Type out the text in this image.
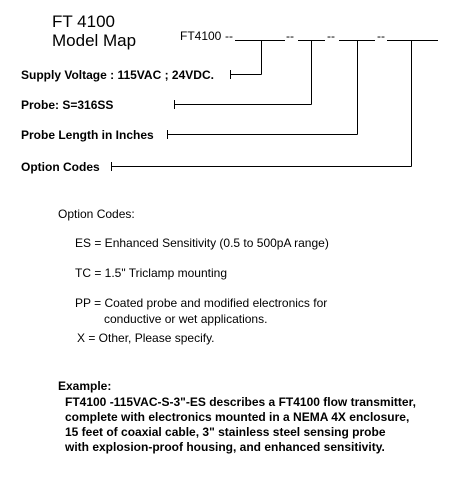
FT 4100
Model Map	FT4100 --	--	--	--
Supply Voltage : 115VAC ; 24VDC.
Probe: S=316SS
Probe Length in Inches
Option Codes
Option Codes:
ES = Enhanced Sensitivity (0.5 to 500pA range)
TC = 1.5" Triclamp mounting
PP = Coated probe and modified electronics for
conductive or wet applications.
X = Other, Please specify.
Example:
FT4100 -115VAC-S-3"-ES describes a FT4100 flow transmitter,
complete with electronics mounted in a NEMA 4X enclosure,
15 feet of coaxial cable, 3" stainless steel sensing probe
with explosion-proof housing, and enhanced sensitivity.
